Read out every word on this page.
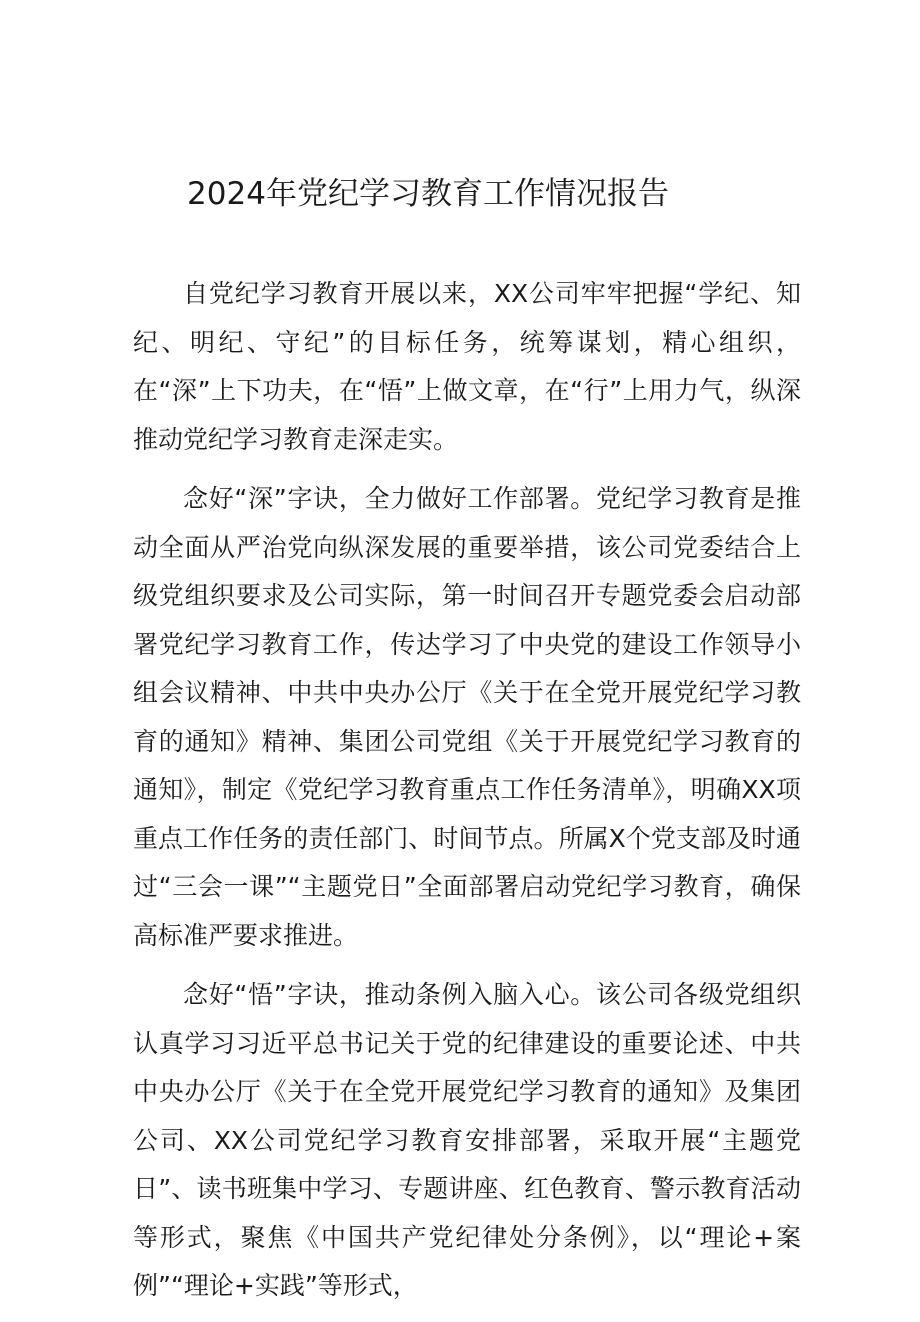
2024年党纪学习教育工作情况报告

自党纪学习教育开展以来，XX公司牢牢把握“学纪、知纪、明纪、守纪”的目标任务，统筹谋划，精心组织，在“深”上下功夫，在“悟”上做文章，在“行”上用力气，纵深推动党纪学习教育走深走实。

念好“深”字诀，全力做好工作部署。党纪学习教育是推动全面从严治党向纵深发展的重要举措，该公司党委结合上级党组织要求及公司实际，第一时间召开专题党委会启动部署党纪学习教育工作，传达学习了中央党的建设工作领导小组会议精神、中共中央办公厅《关于在全党开展党纪学习教育的通知》精神、集团公司党组《关于开展党纪学习教育的通知》，制定《党纪学习教育重点工作任务清单》，明确XX项重点工作任务的责任部门、时间节点。所属X个党支部及时通过“三会一课”“主题党日”全面部署启动党纪学习教育，确保高标准严要求推进。

念好“悟”字诀，推动条例入脑入心。该公司各级党组织认真学习习近平总书记关于党的纪律建设的重要论述、中共中央办公厅《关于在全党开展党纪学习教育的通知》及集团公司、XX公司党纪学习教育安排部署，采取开展“主题党日”、读书班集中学习、专题讲座、红色教育、警示教育活动等形式，聚焦《中国共产党纪律处分条例》，以“理论+案例”“理论+实践”等形式，
